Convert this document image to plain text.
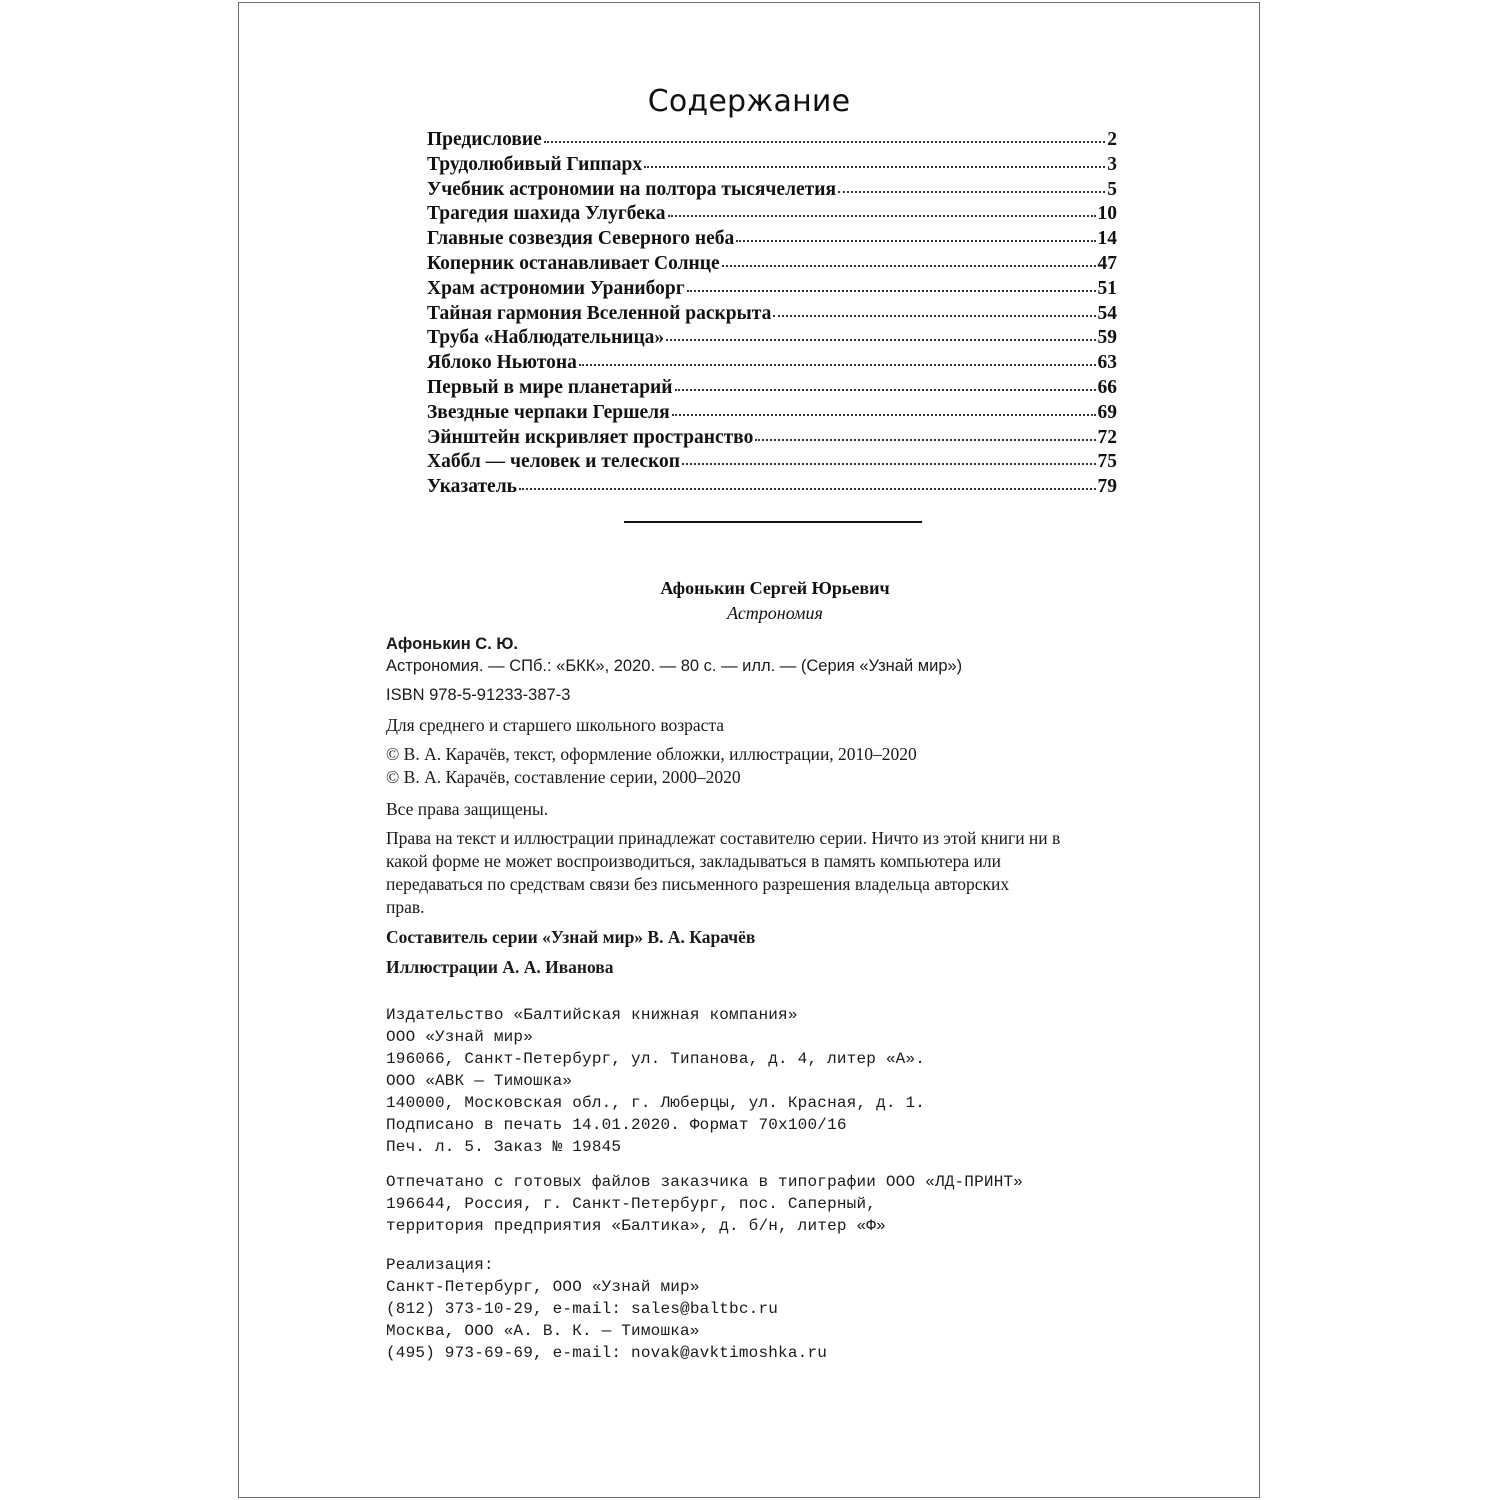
Содержание
Предисловие	2
Трудолюбивый Гиппарх	3
Учебник астрономии на полтора тысячелетия	5
Трагедия шахида Улугбека	10
Главные созвездия Северного неба	14
Коперник останавливает Солнце	47
Храм астрономии Ураниборг	51
Тайная гармония Вселенной раскрыта	54
Труба «Наблюдательница»	59
Яблоко Ньютона	63
Первый в мире планетарий	66
Звездные черпаки Гершеля	69
Эйнштейн искривляет пространство	72
Хаббл — человек и телескоп	75
Указатель	79
Афонькин Сергей Юрьевич
Астрономия

Афонькин С. Ю.

Астрономия. — СПб.: «БКК», 2020. — 80 с. — илл. — (Серия «Узнай мир»)

ISBN 978-5-91233-387-3

Для среднего и старшего школьного возраста

© В. А. Карачёв, текст, оформление обложки, иллюстрации, 2010–2020

© В. А. Карачёв, составление серии, 2000–2020

Все права защищены.

Права на текст и иллюстрации принадлежат составителю серии. Ничто из этой книги ни в

какой форме не может воспроизводиться, закладываться в память компьютера или

передаваться по средствам связи без письменного разрешения владельца авторских

прав.

Составитель серии «Узнай мир» В. А. Карачёв

Иллюстрации А. А. Иванова

Издательство «Балтийская книжная компания»

ООО «Узнай мир»

196066, Санкт-Петербург, ул. Типанова, д. 4, литер «А».

ООО «АВК — Тимошка»

140000, Московская обл., г. Люберцы, ул. Красная, д. 1.

Подписано в печать 14.01.2020. Формат 70x100/16

Печ. л. 5. Заказ № 19845

Отпечатано с готовых файлов заказчика в типографии ООО «ЛД-ПРИНТ»

196644, Россия, г. Санкт-Петербург, пос. Саперный,

территория предприятия «Балтика», д. б/н, литер «Ф»

Реализация:

Санкт-Петербург, ООО «Узнай мир»

(812) 373-10-29, e-mail: sales@baltbc.ru

Москва, ООО «А. В. К. — Тимошка»

(495) 973-69-69, e-mail: novak@avktimoshka.ru
